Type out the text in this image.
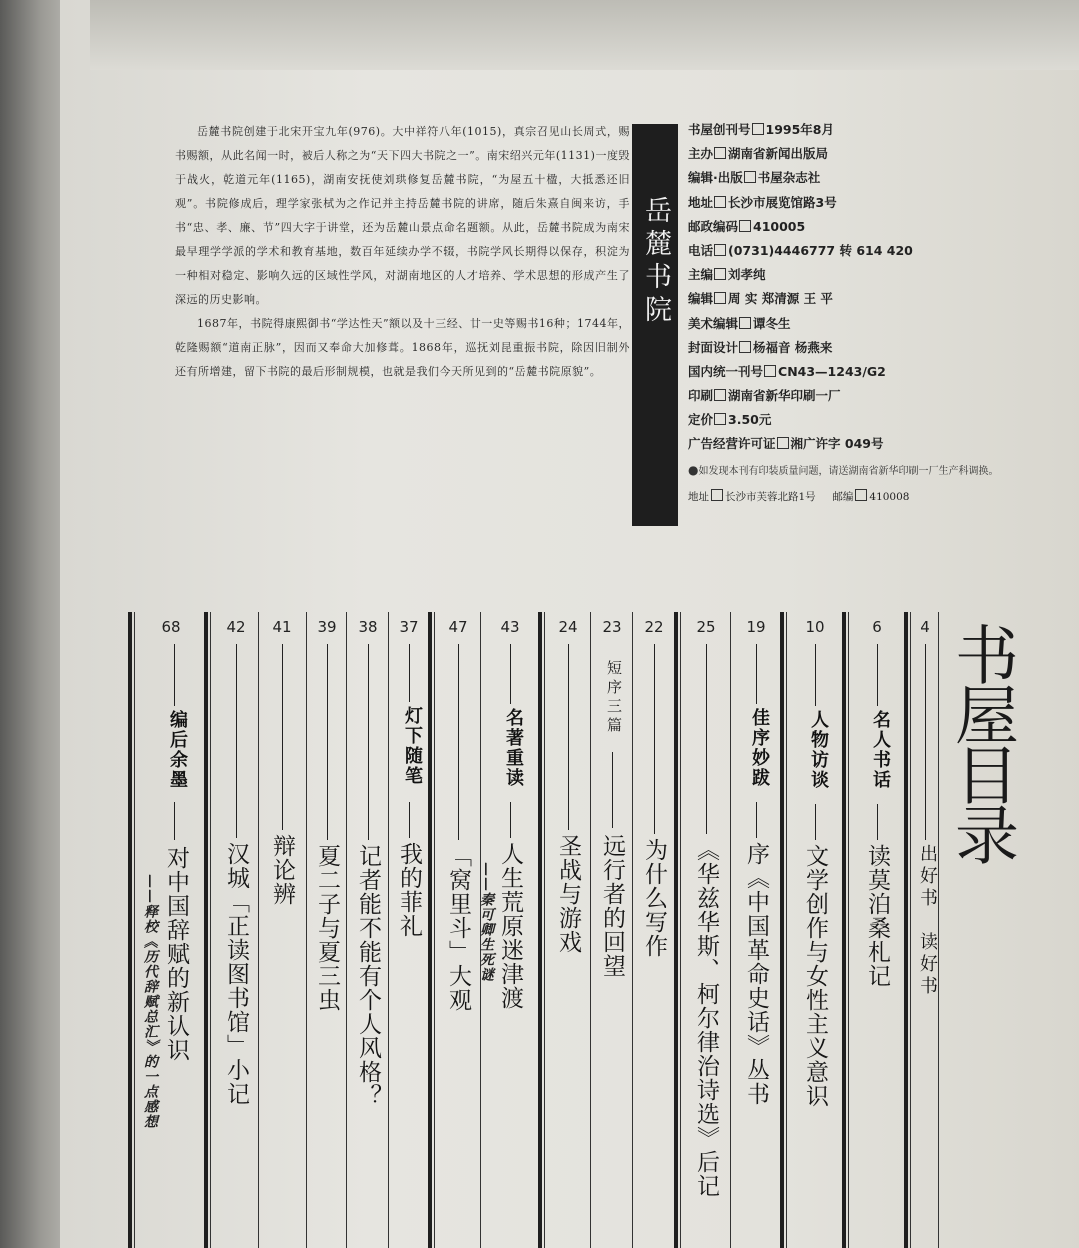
岳麓书院创建于北宋开宝九年(976)。大中祥符八年(1015)，真宗召见山长周式，赐书赐额，从此名闻一时，被后人称之为“天下四大书院之一”。南宋绍兴元年(1131)一度毁于战火，乾道元年(1165)，湖南安抚使刘珙修复岳麓书院，“为屋五十楹，大抵悉还旧观”。书院修成后，理学家张栻为之作记并主持岳麓书院的讲席，随后朱熹自闽来访，手书“忠、孝、廉、节”四大字于讲堂，还为岳麓山景点命名题额。从此，岳麓书院成为南宋最早理学学派的学术和教育基地，数百年延续办学不辍，书院学风长期得以保存，积淀为一种相对稳定、影响久远的区域性学风，对湖南地区的人才培养、学术思想的形成产生了深远的历史影响。

1687年，书院得康熙御书“学达性天”额以及十三经、廿一史等赐书16种；1744年，乾隆赐额“道南正脉”，因而又奉命大加修葺。1868年，巡抚刘昆重振书院，除因旧制外还有所增建，留下书院的最后形制规模，也就是我们今天所见到的“岳麓书院原貌”。

岳麓书院
书屋创刊号 1995年8月
主办 湖南省新闻出版局
编辑·出版 书屋杂志社
地址 长沙市展览馆路3号
邮政编码 410005
电话 (0731)4446777 转 614 420
主编 刘孝纯
编辑 周 实 郑清源 王 平
美术编辑 谭冬生
封面设计 杨福音 杨燕来
国内统一刊号 CN43—1243/G2
印刷 湖南省新华印刷一厂
定价 3.50元
广告经营许可证 湘广许字 049号
●如发现本刊有印装质量问题，请送湖南省新华印刷一厂生产科调换。
地址 长沙市芙蓉北路1号 邮编 410008
68
编后余墨
对中国辞赋的新认识
——释校《历代辞赋总汇》的一点感想
42
汉城「正读图书馆」小记
41
辩论辨
39
夏二子与夏三虫
38
记者能不能有个人风格？
37
灯下随笔
我的菲礼
47
「窝里斗」大观
43
名著重读
人生荒原迷津渡
——秦可卿生死谜
24
圣战与游戏
23
短序三篇
远行者的回望
22
为什么写作
25
《华兹华斯、柯尔律治诗选》后记
19
佳序妙跋
序《中国革命史话》丛书
10
人物访谈
文学创作与女性主义意识
6
名人书话
读莫泊桑札记
4
出好书　读好书
书屋目录
